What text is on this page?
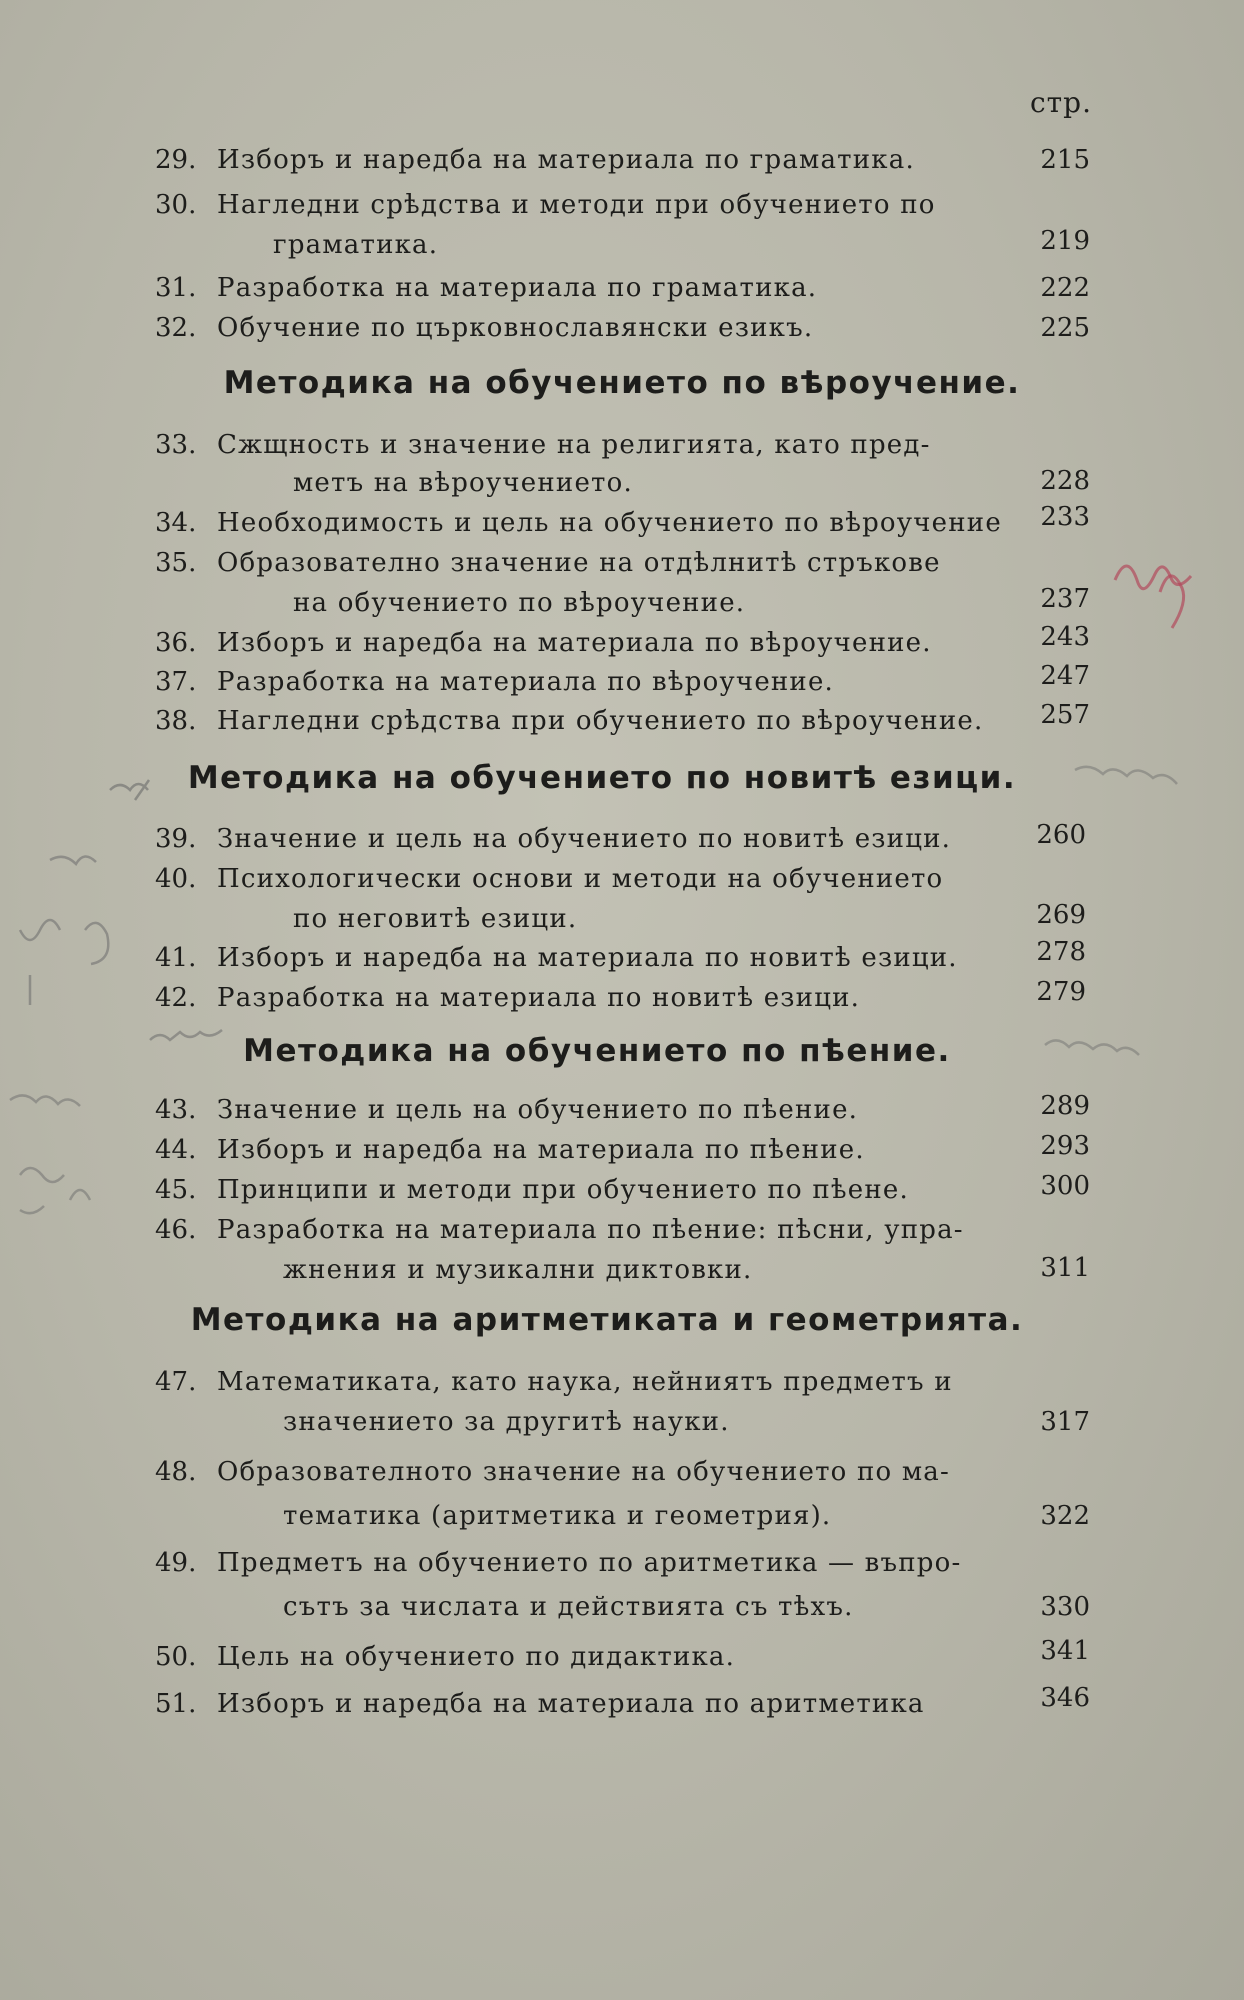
стр.
29. Изборъ и наредба на материала по граматика.	215
30. Нагледни срѣдства и методи при обучението по
граматика.	219
31. Разработка на материала по граматика.	222
32. Обучение по църковнославянски езикъ.	225
Методика на обучението по вѣроучение.
33. Сжщность и значение на религията, като пред-
метъ на вѣроучението.	228
34. Необходимость и цель на обучението по вѣроучение	233
35. Образователно значение на отдѣлнитѣ стръкове
на обучението по вѣроучение.	237
36. Изборъ и наредба на материала по вѣроучение.	243
37. Разработка на материала по вѣроучение.	247
38. Нагледни срѣдства при обучението по вѣроучение.	257
Методика на обучението по новитѣ езици.
39. Значение и цель на обучението по новитѣ езици.	260
40. Психологически основи и методи на обучението
по неговитѣ езици.	269
41. Изборъ и наредба на материала по новитѣ езици.	278
42. Разработка на материала по новитѣ езици.	279
Методика на обучението по пѣение.
43. Значение и цель на обучението по пѣение.	289
44. Изборъ и наредба на материала по пѣение.	293
45. Принципи и методи при обучението по пѣене.	300
46. Разработка на материала по пѣение: пѣсни, упра-
жнения и музикални диктовки.	311
Методика на аритметиката и геометрията.
47. Математиката, като наука, нейниятъ предметъ и
значението за другитѣ науки.	317
48. Образователното значение на обучението по ма-
тематика (аритметика и геометрия).	322
49. Предметъ на обучението по аритметика — въпро-
сътъ за числата и действията съ тѣхъ.	330
50. Цель на обучението по дидактика.	341
51. Изборъ и наредба на материала по аритметика	346
